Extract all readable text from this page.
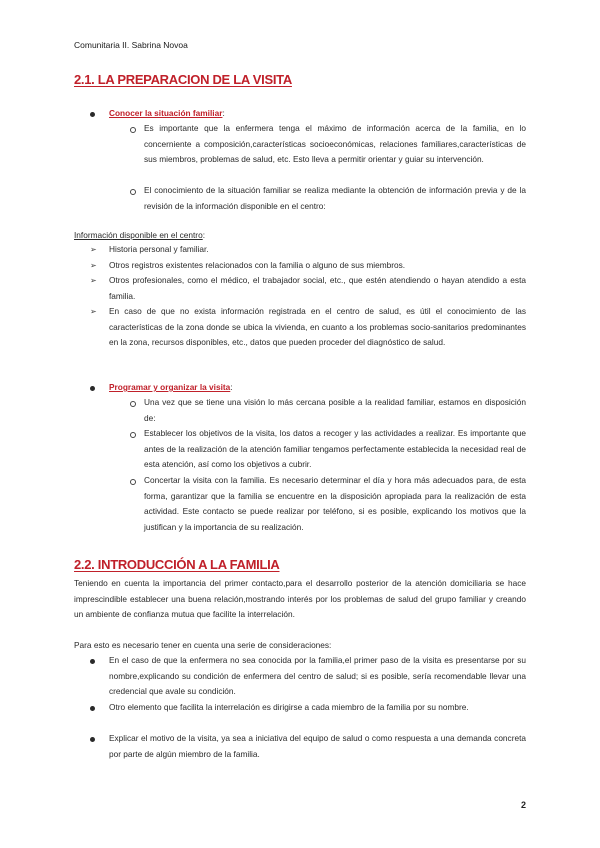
Comunitaria II. Sabrina Novoa
2.1. LA PREPARACION DE LA VISITA
Conocer la situación familiar:
Es importante que la enfermera tenga el máximo de información acerca de la familia, en lo concerniente a composición,características socioeconómicas, relaciones familiares,características de sus miembros, problemas de salud, etc. Esto lleva a permitir orientar y guiar su intervención.
El conocimiento de la situación familiar se realiza mediante la obtención de información previa y de la revisión de la información disponible en el centro:
Información disponible en el centro:
➢ Historia personal y familiar.
➢ Otros registros existentes relacionados con la familia o alguno de sus miembros.
➢ Otros profesionales, como el médico, el trabajador social, etc., que estén atendiendo o hayan atendido a esta familia.
➢ En caso de que no exista información registrada en el centro de salud, es útil el conocimiento de las características de la zona donde se ubica la vivienda, en cuanto a los problemas socio-sanitarios predominantes en la zona, recursos disponibles, etc., datos que pueden proceder del diagnóstico de salud.
Programar y organizar la visita:
Una vez que se tiene una visión lo más cercana posible a la realidad familiar, estamos en disposición de:
Establecer los objetivos de la visita, los datos a recoger y las actividades a realizar. Es importante que antes de la realización de la atención familiar tengamos perfectamente establecida la necesidad real de esta atención, así como los objetivos a cubrir.
Concertar la visita con la familia. Es necesario determinar el día y hora más adecuados para, de esta forma, garantizar que la familia se encuentre en la disposición apropiada para la realización de esta actividad. Este contacto se puede realizar por teléfono, si es posible, explicando los motivos que la justifican y la importancia de su realización.
2.2. INTRODUCCIÓN A LA FAMILIA
Teniendo en cuenta la importancia del primer contacto,para el desarrollo posterior de la atención domiciliaria se hace imprescindible establecer una buena relación,mostrando interés por los problemas de salud del grupo familiar y creando un ambiente de confianza mutua que facilite la interrelación.
Para esto es necesario tener en cuenta una serie de consideraciones:
En el caso de que la enfermera no sea conocida por la familia,el primer paso de la visita es presentarse por su nombre,explicando su condición de enfermera del centro de salud; si es posible, sería recomendable llevar una credencial que avale su condición.
Otro elemento que facilita la interrelación es dirigirse a cada miembro de la familia por su nombre.
Explicar el motivo de la visita, ya sea a iniciativa del equipo de salud o como respuesta a una demanda concreta por parte de algún miembro de la familia.
2
